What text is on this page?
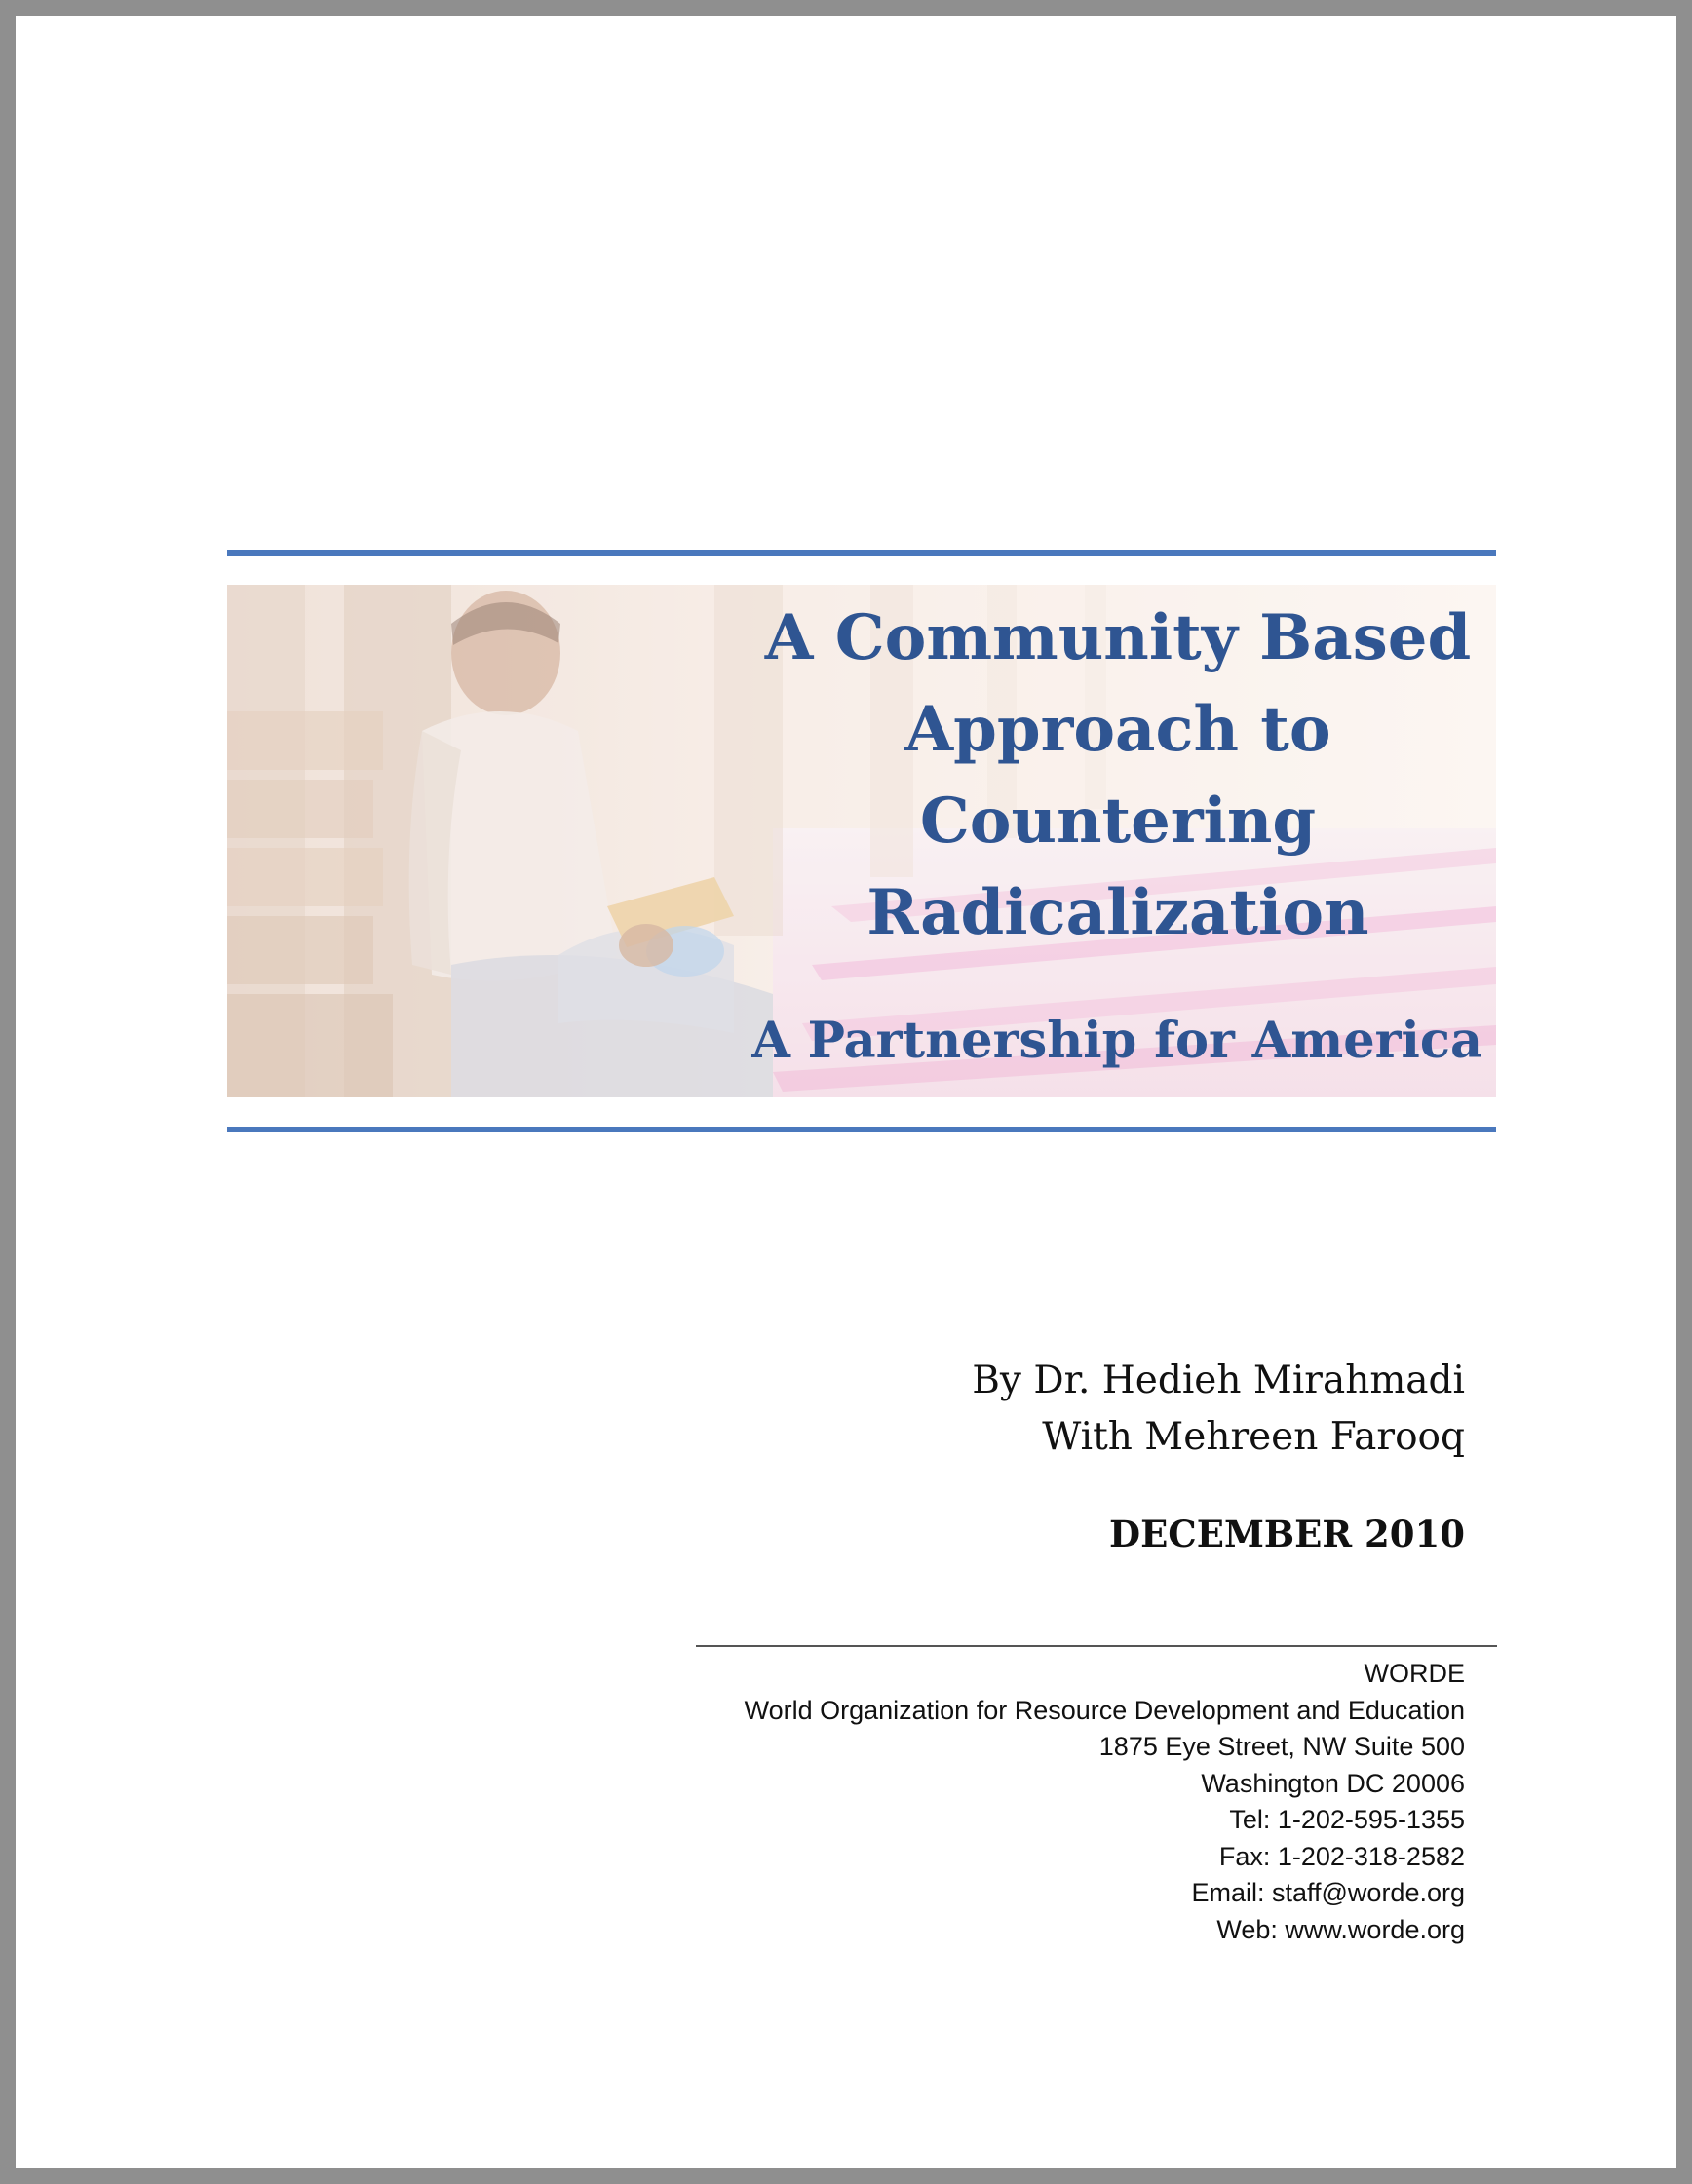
A Community Based
Approach to
Countering
Radicalization
A Partnership for America
By Dr. Hedieh Mirahmadi
With Mehreen Farooq
DECEMBER 2010
WORDE
World Organization for Resource Development and Education
1875 Eye Street, NW Suite 500
Washington DC 20006
Tel: 1-202-595-1355
Fax: 1-202-318-2582
Email: staff@worde.org
Web: www.worde.org
